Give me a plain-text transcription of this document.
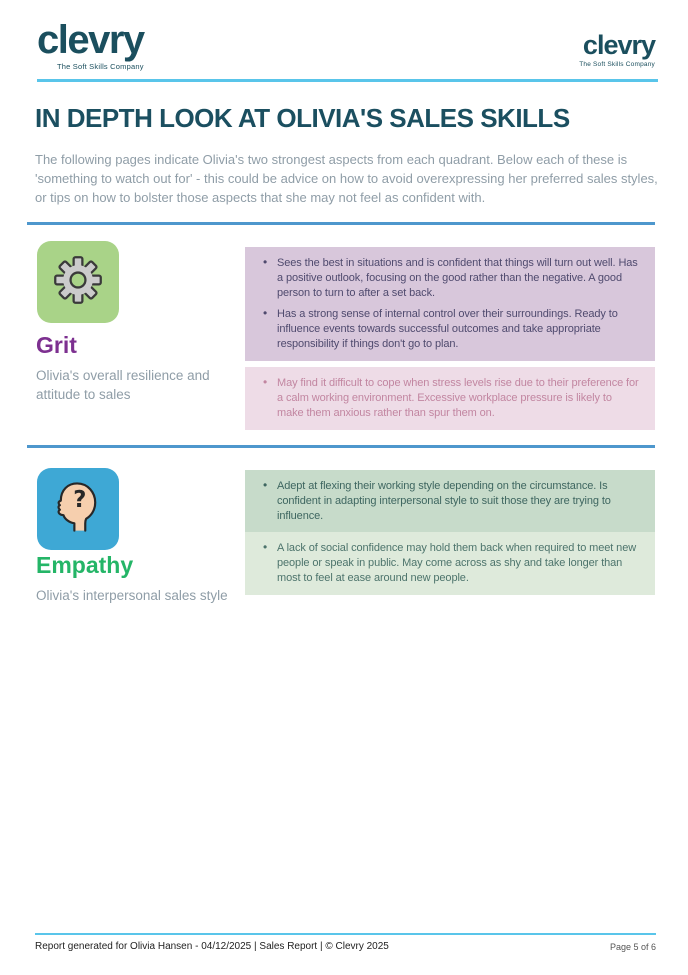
clevry
The Soft Skills Company
clevry
The Soft Skills Company
IN DEPTH LOOK AT OLIVIA'S SALES SKILLS
The following pages indicate Olivia's two strongest aspects from each quadrant. Below each of these is 'something to watch out for' - this could be advice on how to avoid overexpressing her preferred sales styles, or tips on how to bolster those aspects that she may not feel as confident with.
Grit
Olivia's overall resilience and attitude to sales
• Sees the best in situations and is confident that things will turn out well. Has a positive outlook, focusing on the good rather than the negative. A good person to turn to after a set back.
• Has a strong sense of internal control over their surroundings. Ready to influence events towards successful outcomes and take appropriate responsibility if things don't go to plan.
• May find it difficult to cope when stress levels rise due to their preference for a calm working environment. Excessive workplace pressure is likely to make them anxious rather than spur them on.
?
Empathy
Olivia's interpersonal sales style
• Adept at flexing their working style depending on the circumstance. Is confident in adapting interpersonal style to suit those they are trying to influence.
• A lack of social confidence may hold them back when required to meet new people or speak in public. May come across as shy and take longer than most to feel at ease around new people.
Report generated for Olivia Hansen - 04/12/2025 | Sales Report | © Clevry 2025	Page 5 of 6
